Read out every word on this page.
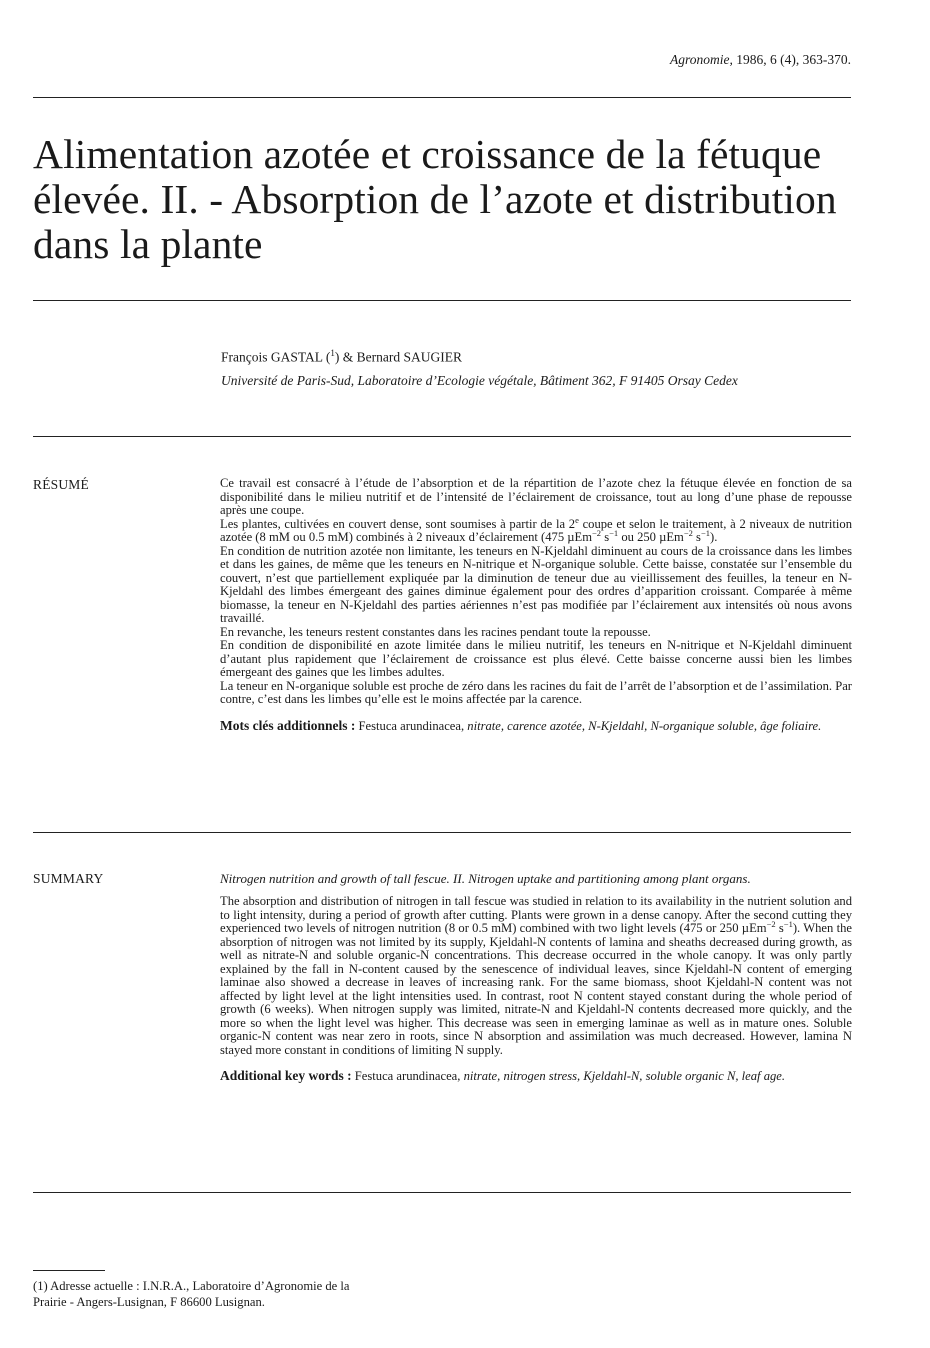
Agronomie, 1986, 6 (4), 363-370.
Alimentation azotée et croissance de la fétuque élevée. II. - Absorption de l’azote et distribution dans la plante
François GASTAL ($^1$) & Bernard SAUGIER
Université de Paris-Sud, Laboratoire d’Ecologie végétale, Bâtiment 362, F 91405 Orsay Cedex
RÉSUMÉ	Ce travail est consacré à l’étude de l’absorption et de la répartition de l’azote chez la fétuque élevée en fonction de sa disponibilité dans le milieu nutritif et de l’intensité de l’éclairement de croissance, tout au long d’une phase de repousse après une coupe.

Les plantes, cultivées en couvert dense, sont soumises à partir de la 2e coupe et selon le traitement, à 2 niveaux de nutrition azotée (8 mM ou 0.5 mM) combinés à 2 niveaux d’éclairement (475 µEm$^{-2}$ $s^{-1}$ ou 250 µEm$^{-2}$ $s^{-1}$).

En condition de nutrition azotée non limitante, les teneurs en N-Kjeldahl diminuent au cours de la croissance dans les limbes et dans les gaines, de même que les teneurs en N-nitrique et N-organique soluble. Cette baisse, constatée sur l’ensemble du couvert, n’est que partiellement expliquée par la diminution de teneur due au vieillissement des feuilles, la teneur en N-Kjeldahl des limbes émergeant des gaines diminue également pour des ordres d’apparition croissant. Comparée à même biomasse, la teneur en N-Kjeldahl des parties aériennes n’est pas modifiée par l’éclairement aux intensités où nous avons travaillé.

En revanche, les teneurs restent constantes dans les racines pendant toute la repousse.

En condition de disponibilité en azote limitée dans le milieu nutritif, les teneurs en N-nitrique et N-Kjeldahl diminuent d’autant plus rapidement que l’éclairement de croissance est plus élevé. Cette baisse concerne aussi bien les limbes émergeant des gaines que les limbes adultes.

La teneur en N-organique soluble est proche de zéro dans les racines du fait de l’arrêt de l’absorption et de l’assimilation. Par contre, c’est dans les limbes qu’elle est le moins affectée par la carence.

Mots clés additionnels : Festuca arundinacea, nitrate, carence azotée, N-Kjeldahl, N-organique soluble, âge foliaire.

SUMMARY	Nitrogen nutrition and growth of tall fescue. II. Nitrogen uptake and partitioning among plant organs.

The absorption and distribution of nitrogen in tall fescue was studied in relation to its availability in the nutrient solution and to light intensity, during a period of growth after cutting. Plants were grown in a dense canopy. After the second cutting they experienced two levels of nitrogen nutrition (8 or 0.5 mM) combined with two light levels (475 or 250 µEm$^{-2}$ $s^{-1}$). When the absorption of nitrogen was not limited by its supply, Kjeldahl-N contents of lamina and sheaths decreased during growth, as well as nitrate-N and soluble organic-N concentrations. This decrease occurred in the whole canopy. It was only partly explained by the fall in N-content caused by the senescence of individual leaves, since Kjeldahl-N content of emerging laminae also showed a decrease in leaves of increasing rank. For the same biomass, shoot Kjeldahl-N content was not affected by light level at the light intensities used. In contrast, root N content stayed constant during the whole period of growth (6 weeks). When nitrogen supply was limited, nitrate-N and Kjeldahl-N contents decreased more quickly, and the more so when the light level was higher. This decrease was seen in emerging laminae as well as in mature ones. Soluble organic-N content was near zero in roots, since N absorption and assimilation was much decreased. However, lamina N stayed more constant in conditions of limiting N supply.

Additional key words : Festuca arundinacea, nitrate, nitrogen stress, Kjeldahl-N, soluble organic N, leaf age.

(1) Adresse actuelle : I.N.R.A., Laboratoire d’Agronomie de la
Prairie - Angers-Lusignan, F 86600 Lusignan.
